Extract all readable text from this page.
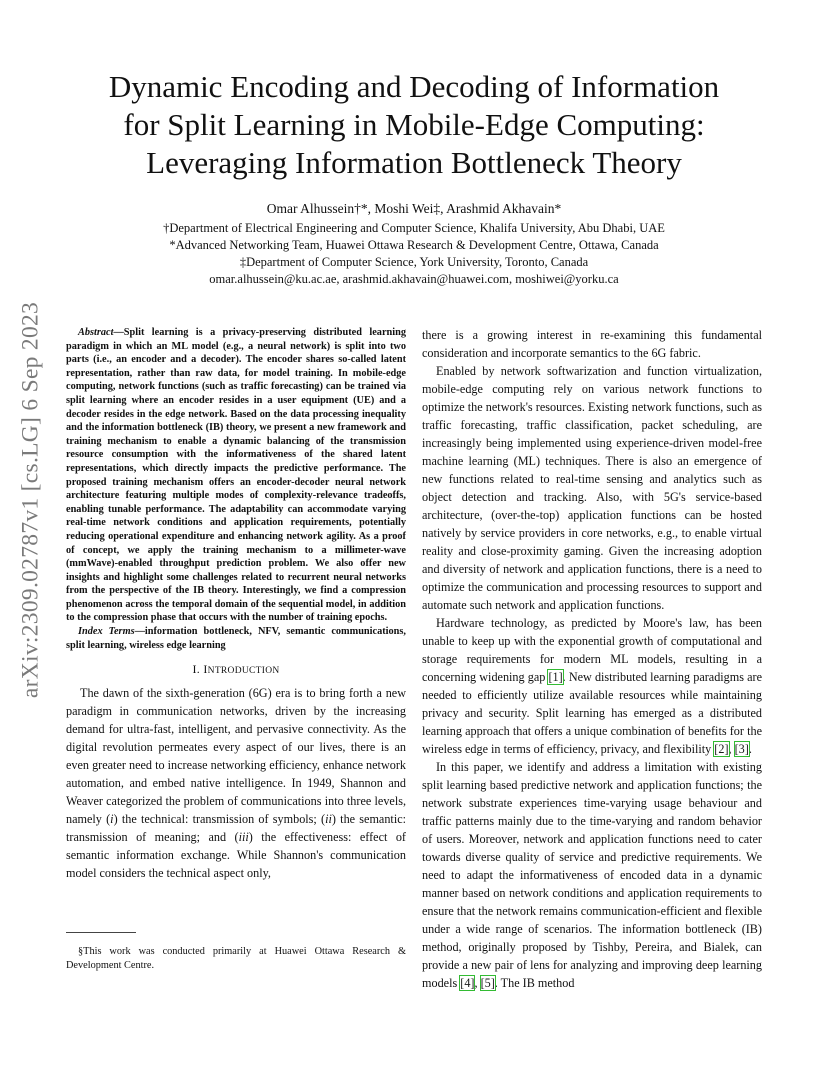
arXiv:2309.02787v1 [cs.LG] 6 Sep 2023
Dynamic Encoding and Decoding of Information
for Split Learning in Mobile-Edge Computing:
Leveraging Information Bottleneck Theory
Omar Alhussein†*, Moshi Wei‡, Arashmid Akhavain*
†Department of Electrical Engineering and Computer Science, Khalifa University, Abu Dhabi, UAE
*Advanced Networking Team, Huawei Ottawa Research & Development Centre, Ottawa, Canada
‡Department of Computer Science, York University, Toronto, Canada
omar.alhussein@ku.ac.ae, arashmid.akhavain@huawei.com, moshiwei@yorku.ca

Abstract—Split learning is a privacy-preserving distributed learning paradigm in which an ML model (e.g., a neural network) is split into two parts (i.e., an encoder and a decoder). The encoder shares so-called latent representation, rather than raw data, for model training. In mobile-edge computing, network functions (such as traffic forecasting) can be trained via split learning where an encoder resides in a user equipment (UE) and a decoder resides in the edge network. Based on the data processing inequality and the information bottleneck (IB) theory, we present a new framework and training mechanism to enable a dynamic balancing of the transmission resource consumption with the informativeness of the shared latent representations, which directly impacts the predictive performance. The proposed training mechanism offers an encoder-decoder neural network architecture featuring multiple modes of complexity-relevance tradeoffs, enabling tunable performance. The adaptability can accommodate varying real-time network conditions and application requirements, potentially reducing operational expenditure and enhancing network agility. As a proof of concept, we apply the training mechanism to a millimeter-wave (mmWave)-enabled throughput prediction problem. We also offer new insights and highlight some challenges related to recurrent neural networks from the perspective of the IB theory. Interestingly, we find a compression phenomenon across the temporal domain of the sequential model, in addition to the compression phase that occurs with the number of training epochs.

Index Terms—information bottleneck, NFV, semantic communications, split learning, wireless edge learning

I. INTRODUCTION

The dawn of the sixth-generation (6G) era is to bring forth a new paradigm in communication networks, driven by the increasing demand for ultra-fast, intelligent, and pervasive connectivity. As the digital revolution permeates every aspect of our lives, there is an even greater need to increase networking efficiency, enhance network automation, and embed native intelligence. In 1949, Shannon and Weaver categorized the problem of communications into three levels, namely (i) the technical: transmission of symbols; (ii) the semantic: transmission of meaning; and (iii) the effectiveness: effect of semantic information exchange. While Shannon's communication model considers the technical aspect only,

§This work was conducted primarily at Huawei Ottawa Research & Development Centre.

there is a growing interest in re-examining this fundamental consideration and incorporate semantics to the 6G fabric.

Enabled by network softwarization and function virtualization, mobile-edge computing rely on various network functions to optimize the network's resources. Existing network functions, such as traffic forecasting, traffic classification, packet scheduling, are increasingly being implemented using experience-driven model-free machine learning (ML) techniques. There is also an emergence of new functions related to real-time sensing and analytics such as object detection and tracking. Also, with 5G's service-based architecture, (over-the-top) application functions can be hosted natively by service providers in core networks, e.g., to enable virtual reality and close-proximity gaming. Given the increasing adoption and diversity of network and application functions, there is a need to optimize the communication and processing resources to support and automate such network and application functions.

Hardware technology, as predicted by Moore's law, has been unable to keep up with the exponential growth of computational and storage requirements for modern ML models, resulting in a concerning widening gap [1]. New distributed learning paradigms are needed to efficiently utilize available resources while maintaining privacy and security. Split learning has emerged as a distributed learning approach that offers a unique combination of benefits for the wireless edge in terms of efficiency, privacy, and flexibility [2], [3].

In this paper, we identify and address a limitation with existing split learning based predictive network and application functions; the network substrate experiences time-varying usage behaviour and traffic patterns mainly due to the time-varying and random behavior of users. Moreover, network and application functions need to cater towards diverse quality of service and predictive requirements. We need to adapt the informativeness of encoded data in a dynamic manner based on network conditions and application requirements to ensure that the network remains communication-efficient and flexible under a wide range of scenarios. The information bottleneck (IB) method, originally proposed by Tishby, Pereira, and Bialek, can provide a new pair of lens for analyzing and improving deep learning models [4], [5]. The IB method
